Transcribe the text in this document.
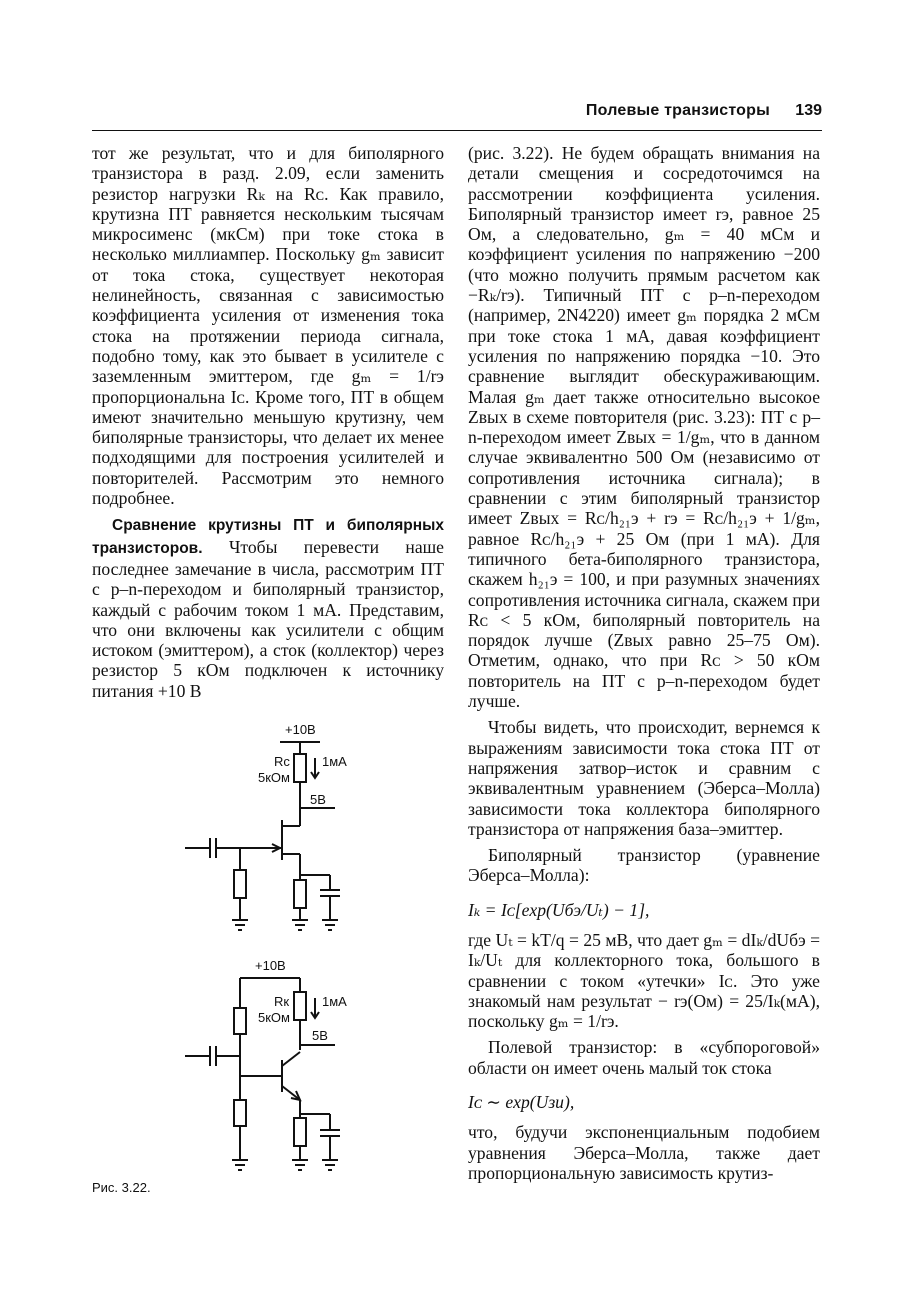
Полевые транзисторы 139

тот же результат, что и для биполярного транзистора в разд. 2.09, если заменить резистор нагрузки Rₖ на Rᴄ. Как правило, крутизна ПТ равняется нескольким тысячам микросименс (мкСм) при токе стока в несколько миллиампер. Поскольку gₘ зависит от тока стока, существует некоторая нелинейность, связанная с зависимостью коэффициента усиления от изменения тока стока на протяжении периода сигнала, подобно тому, как это бывает в усилителе с заземленным эмиттером, где gₘ = 1/rэ пропорциональна Iᴄ. Кроме того, ПТ в общем имеют значительно меньшую крутизну, чем биполярные транзисторы, что делает их менее подходящими для построения усилителей и повторителей. Рассмотрим это немного подробнее.

Сравнение крутизны ПТ и биполярных транзисторов. Чтобы перевести наше последнее замечание в числа, рассмотрим ПТ с p–n-переходом и биполярный транзистор, каждый с рабочим током 1 мА. Представим, что они включены как усилители с общим истоком (эмиттером), а сток (коллектор) через резистор 5 кОм подключен к источнику питания +10 В

(рис. 3.22). Не будем обращать внимания на детали смещения и сосредоточимся на рассмотрении коэффициента усиления. Биполярный транзистор имеет rэ, равное 25 Ом, а следовательно, gₘ = 40 мСм и коэффициент усиления по напряжению −200 (что можно получить прямым расчетом как −Rₖ/rэ). Типичный ПТ с p–n-переходом (например, 2N4220) имеет gₘ порядка 2 мСм при токе стока 1 мА, давая коэффициент усиления по напряжению порядка −10. Это сравнение выглядит обескураживающим. Малая gₘ дает также относительно высокое Zвых в схеме повторителя (рис. 3.23): ПТ с p–n-переходом имеет Zвых = 1/gₘ, что в данном случае эквивалентно 500 Ом (независимо от сопротивления источника сигнала); в сравнении с этим биполярный транзистор имеет Zвых = Rᴄ/h₂₁э + rэ = Rᴄ/h₂₁э + 1/gₘ, равное Rᴄ/h₂₁э + 25 Ом (при 1 мА). Для типичного бета-биполярного транзистора, скажем h₂₁э = 100, и при разумных значениях сопротивления источника сигнала, скажем при Rᴄ < 5 кОм, биполярный повторитель на порядок лучше (Zвых равно 25–75 Ом). Отметим, однако, что при Rᴄ > 50 кОм повторитель на ПТ с p–n-переходом будет лучше.

Чтобы видеть, что происходит, вернемся к выражениям зависимости тока стока ПТ от напряжения затвор–исток и сравним с эквивалентным уравнением (Эберса–Молла) зависимости тока коллектора биполярного транзистора от напряжения база–эмиттер.

Биполярный транзистор (уравнение Эберса–Молла):

Iₖ = Iᴄ[exp(Uбэ/Uₜ) − 1],

где Uₜ = kT/q = 25 мВ, что дает gₘ = dIₖ/dUбэ = Iₖ/Uₜ для коллекторного тока, большого в сравнении с током «утечки» Iᴄ. Это уже знакомый нам результат − rэ(Ом) = 25/Iₖ(мА), поскольку gₘ = 1/rэ.

Полевой транзистор: в «субпороговой» области он имеет очень малый ток стока

Iᴄ ∼ exp(Uзи),

что, будучи экспоненциальным подобием уравнения Эберса–Молла, также дает пропорциональную зависимость крутиз-

+10В
Rс
5кОм
1мА
5В
+10В
Rк
5кОм
1мА
5В
Рис. 3.22.
